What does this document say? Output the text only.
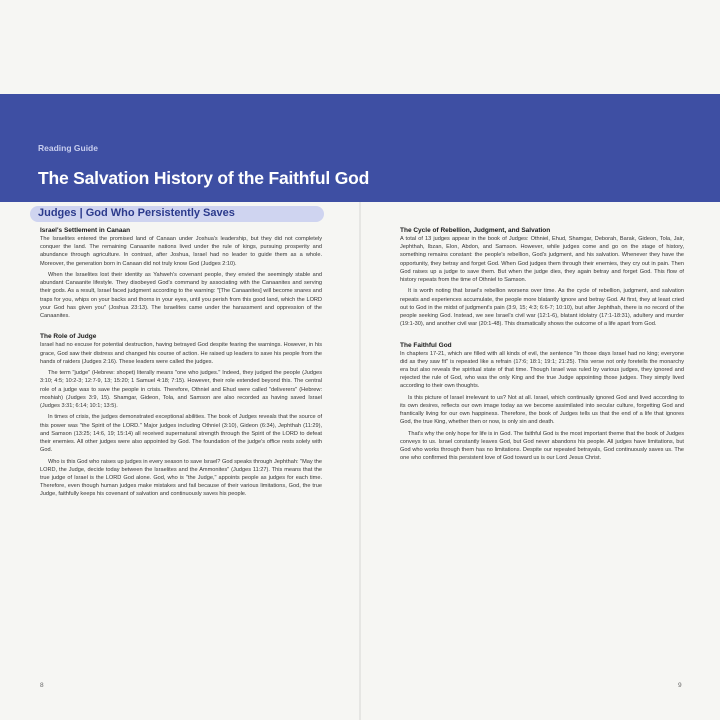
Reading Guide
The Salvation History of the Faithful God
Judges | God Who Persistently Saves
Israel's Settlement in Canaan

The Israelites entered the promised land of Canaan under Joshua's leadership, but they did not completely conquer the land. The remaining Canaanite nations lived under the rule of kings, pursuing prosperity and abundance through agriculture. In contrast, after Joshua, Israel had no leader to guide them as a whole. Moreover, the generation born in Canaan did not truly know God (Judges 2:10).

When the Israelites lost their identity as Yahweh's covenant people, they envied the seemingly stable and abundant Canaanite lifestyle. They disobeyed God's command by associating with the Canaanites and serving their gods. As a result, Israel faced judgment according to the warning: "[The Canaanites] will become snares and traps for you, whips on your backs and thorns in your eyes, until you perish from this good land, which the LORD your God has given you" (Joshua 23:13). The Israelites came under the harassment and oppression of the Canaanites.

The Role of Judge

Israel had no excuse for potential destruction, having betrayed God despite fearing the warnings. However, in his grace, God saw their distress and changed his course of action. He raised up leaders to save his people from the hands of raiders (Judges 2:16). These leaders were called the judges.

The term "judge" (Hebrew: shopet) literally means "one who judges." Indeed, they judged the people (Judges 3:10; 4:5; 10:2-3; 12:7-9, 13; 15:20; 1 Samuel 4:18; 7:15). However, their role extended beyond this. The central role of a judge was to save the people in crisis. Therefore, Othniel and Ehud were called "deliverers" (Hebrew: moshiah) (Judges 3:9, 15). Shamgar, Gideon, Tola, and Samson are also recorded as having saved Israel (Judges 3:31; 6:14; 10:1; 13:5).

In times of crisis, the judges demonstrated exceptional abilities. The book of Judges reveals that the source of this power was "the Spirit of the LORD." Major judges including Othniel (3:10), Gideon (6:34), Jephthah (11:29), and Samson (13:25; 14:6, 19; 15:14) all received supernatural strength through the Spirit of the LORD to defeat their enemies. All other judges were also appointed by God. The foundation of the judge's office rests solely with God.

Who is this God who raises up judges in every season to save Israel? God speaks through Jephthah: "May the LORD, the Judge, decide today between the Israelites and the Ammonites" (Judges 11:27). This means that the true judge of Israel is the LORD God alone. God, who is "the Judge," appoints people as judges for each time. Therefore, even though human judges make mistakes and fail because of their various limitations, God, the true Judge, faithfully keeps his covenant of salvation and continuously saves his people.

The Cycle of Rebellion, Judgment, and Salvation

A total of 13 judges appear in the book of Judges: Othniel, Ehud, Shamgar, Deborah, Barak, Gideon, Tola, Jair, Jephthah, Ibzan, Elon, Abdon, and Samson. However, while judges come and go on the stage of history, something remains constant: the people's rebellion, God's judgment, and his salvation. Whenever they have the opportunity, they betray and forget God. When God judges them through their enemies, they cry out in pain. Then God raises up a judge to save them. But when the judge dies, they again betray and forget God. This flow of history repeats from the time of Othniel to Samson.

It is worth noting that Israel's rebellion worsens over time. As the cycle of rebellion, judgment, and salvation repeats and experiences accumulate, the people more blatantly ignore and betray God. At first, they at least cried out to God in the midst of judgment's pain (3:9, 15; 4:3; 6:6-7; 10:10), but after Jephthah, there is no record of the people seeking God. Instead, we see Israel's civil war (12:1-6), blatant idolatry (17:1-18:31), adultery and murder (19:1-30), and another civil war (20:1-48). This dramatically shows the outcome of a life apart from God.

The Faithful God

In chapters 17-21, which are filled with all kinds of evil, the sentence "In those days Israel had no king; everyone did as they saw fit" is repeated like a refrain (17:6; 18:1; 19:1; 21:25). This verse not only foretells the monarchy era but also reveals the spiritual state of that time. Though Israel was ruled by various judges, they ignored and rejected the rule of God, who was the only King and the true Judge appointing those judges. They simply lived according to their own thoughts.

Is this picture of Israel irrelevant to us? Not at all. Israel, which continually ignored God and lived according to its own desires, reflects our own image today as we become assimilated into secular culture, forgetting God and frantically living for our own happiness. Therefore, the book of Judges tells us that the end of a life that ignores God, the true King, whether then or now, is only sin and death.

That's why the only hope for life is in God. The faithful God is the most important theme that the book of Judges conveys to us. Israel constantly leaves God, but God never abandons his people. All judges have limitations, but God who works through them has no limitations. Despite our repeated betrayals, God continuously saves us. The one who confirmed this persistent love of God toward us is our Lord Jesus Christ.

8	9
